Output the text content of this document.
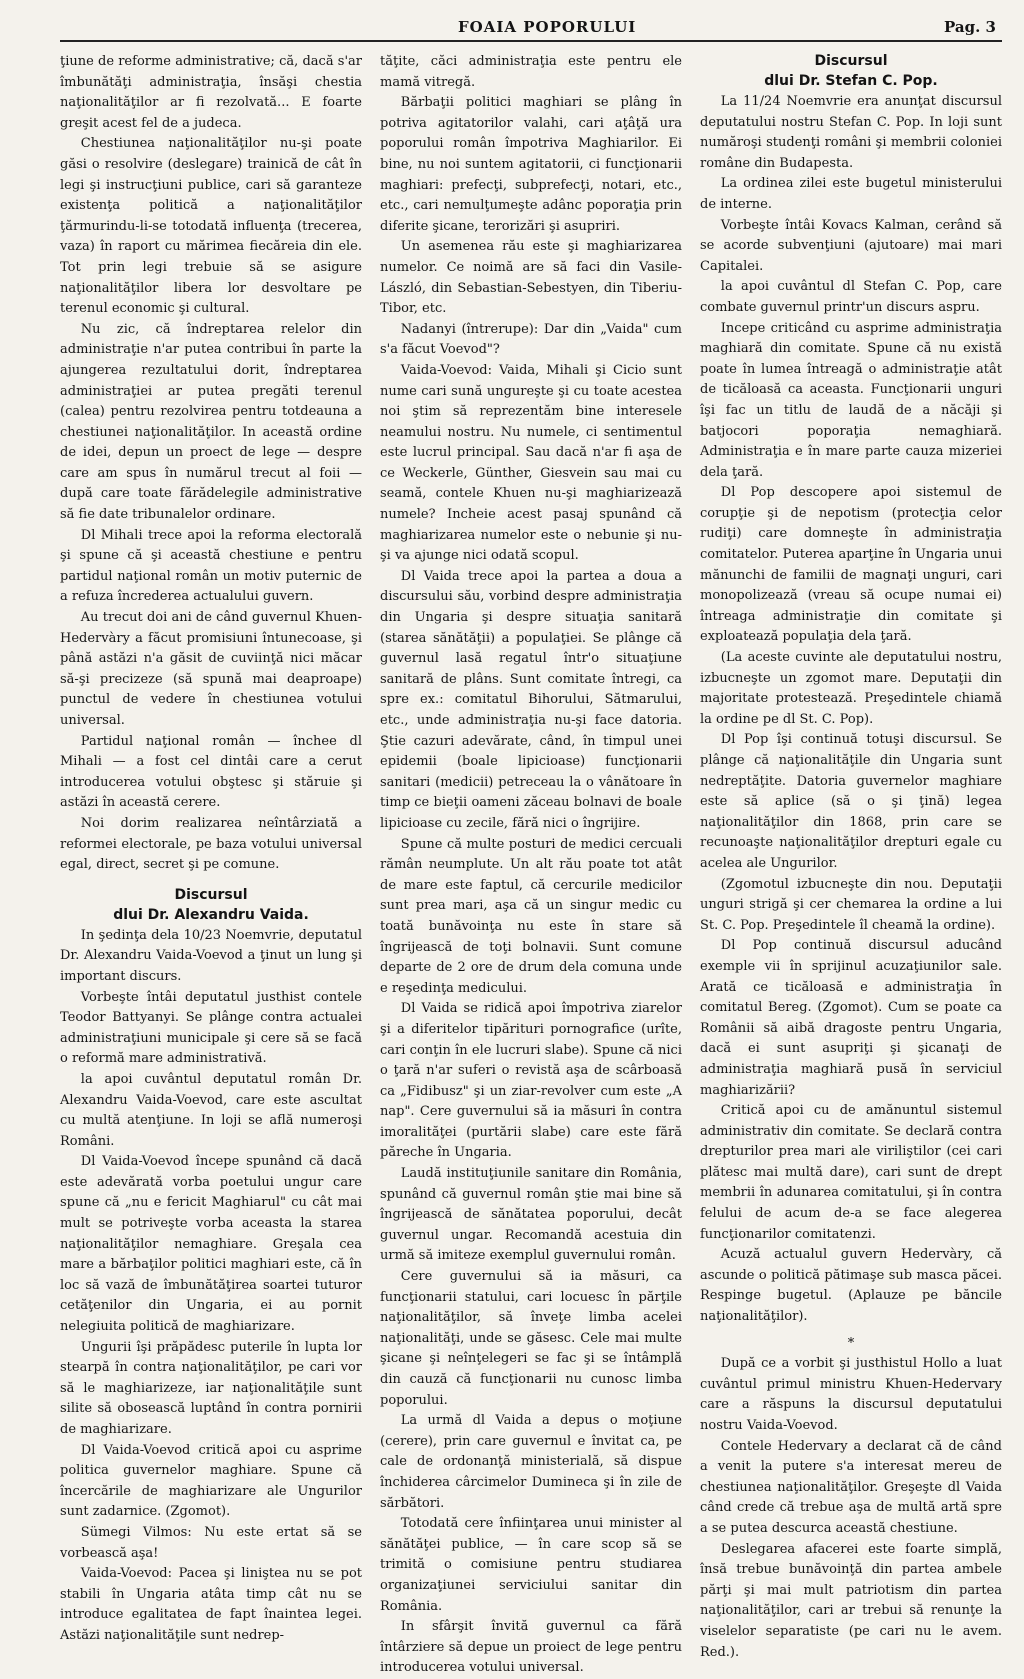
FOAIA POPORULUI	Pag. 3

ţiune de reforme administrative; că, dacă s'ar îmbunătăţi administraţia, însăşi chestia naţionalităţilor ar fi rezolvată... E foarte greşit acest fel de a judeca.

Chestiunea naţionalităţilor nu-şi poate găsi o resolvire (deslegare) trainică de cât în legi şi instrucţiuni publice, cari să garanteze existenţa politică a naţionalităţilor ţărmurindu-li-se totodată influenţa (trecerea, vaza) în raport cu mărimea fiecăreia din ele. Tot prin legi trebuie să se asigure naţionalităţilor libera lor desvoltare pe terenul economic şi cultural.

Nu zic, că îndreptarea relelor din administraţie n'ar putea contribui în parte la ajungerea rezultatului dorit, îndreptarea administraţiei ar putea pregăti terenul (calea) pentru rezolvirea pentru totdeauna a chestiunei naţionalităţilor. In această ordine de idei, depun un proect de lege — despre care am spus în numărul trecut al foii — după care toate fărădelegile administrative să fie date tribunalelor ordinare.

Dl Mihali trece apoi la reforma electorală şi spune că şi această chestiune e pentru partidul naţional român un motiv puternic de a refuza încrederea actualului guvern.

Au trecut doi ani de când guvernul Khuen-Hedervàry a făcut promisiuni întunecoase, şi până astăzi n'a găsit de cuviinţă nici măcar să-şi precizeze (să spună mai deaproape) punctul de vedere în chestiunea votului universal.

Partidul naţional român — închee dl Mihali — a fost cel dintâi care a cerut introducerea votului obştesc şi stăruie şi astăzi în această cerere.

Noi dorim realizarea neîntârziată a reformei electorale, pe baza votului universal egal, direct, secret şi pe comune.

Discursul
dlui Dr. Alexandru Vaida.

In şedinţa dela 10/23 Noemvrie, deputatul Dr. Alexandru Vaida-Voevod a ţinut un lung şi important discurs.

Vorbeşte întâi deputatul justhist contele Teodor Battyanyi. Se plânge contra actualei administraţiuni municipale şi cere să se facă o reformă mare administrativă.

la apoi cuvântul deputatul român Dr. Alexandru Vaida-Voevod, care este ascultat cu multă atenţiune. In loji se află numeroşi Români.

Dl Vaida-Voevod începe spunând că dacă este adevărată vorba poetului ungur care spune că „nu e fericit Maghiarul" cu cât mai mult se potriveşte vorba aceasta la starea naţionalităţilor nemaghiare. Greşala cea mare a bărbaţilor politici maghiari este, că în loc să vază de îmbunătăţirea soartei tuturor cetăţenilor din Ungaria, ei au pornit nelegiuita politică de maghiarizare.

Ungurii îşi prăpădesc puterile în lupta lor stearpă în contra naţionalităţilor, pe cari vor să le maghiarizeze, iar naţionalităţile sunt silite să obosească luptând în contra pornirii de maghiarizare.

Dl Vaida-Voevod critică apoi cu asprime politica guvernelor maghiare. Spune că încercările de maghiarizare ale Ungurilor sunt zadarnice. (Zgomot).

Sümegi Vilmos: Nu este ertat să se vorbească aşa!

Vaida-Voevod: Pacea şi liniştea nu se pot stabili în Ungaria atâta timp cât nu se introduce egalitatea de fapt înaintea legei. Astăzi naţionalităţile sunt nedrep-

tăţite, căci administraţia este pentru ele mamă vitregă.

Bărbaţii politici maghiari se plâng în potriva agitatorilor valahi, cari aţâţă ura poporului român împotriva Maghiarilor. Ei bine, nu noi suntem agitatorii, ci funcţionarii maghiari: prefecţi, subprefecţi, notari, etc., etc., cari nemulţumeşte adânc poporaţia prin diferite şicane, terorizări şi asupriri.

Un asemenea rău este şi maghiarizarea numelor. Ce noimă are să faci din Vasile-László, din Sebastian-Sebestyen, din Tiberiu-Tibor, etc.

Nadanyi (întrerupe): Dar din „Vaida" cum s'a făcut Voevod"?

Vaida-Voevod: Vaida, Mihali şi Cicio sunt nume cari sună ungureşte şi cu toate acestea noi ştim să reprezentăm bine interesele neamului nostru. Nu numele, ci sentimentul este lucrul principal. Sau dacă n'ar fi aşa de ce Weckerle, Günther, Giesvein sau mai cu seamă, contele Khuen nu-şi maghiarizează numele? Incheie acest pasaj spunând că maghiarizarea numelor este o nebunie şi nu-şi va ajunge nici odată scopul.

Dl Vaida trece apoi la partea a doua a discursului său, vorbind despre administraţia din Ungaria şi despre situaţia sanitară (starea sănătăţii) a populaţiei. Se plânge că guvernul lasă regatul într'o situaţiune sanitară de plâns. Sunt comitate întregi, ca spre ex.: comitatul Bihorului, Sătmarului, etc., unde administraţia nu-şi face datoria. Ştie cazuri adevărate, când, în timpul unei epidemii (boale lipicioase) funcţionarii sanitari (medicii) petreceau la o vânătoare în timp ce bieţii oameni zăceau bolnavi de boale lipicioase cu zecile, fără nici o îngrijire.

Spune că multe posturi de medici cercuali rămân neumplute. Un alt rău poate tot atât de mare este faptul, că cercurile medicilor sunt prea mari, aşa că un singur medic cu toată bunăvoinţa nu este în stare să îngrijească de toţi bolnavii. Sunt comune departe de 2 ore de drum dela comuna unde e reşedinţa medicului.

Dl Vaida se ridică apoi împotriva ziarelor şi a diferitelor tipărituri pornografice (urîte, cari conţin în ele lucruri slabe). Spune că nici o ţară n'ar suferi o revistă aşa de scârboasă ca „Fidibusz" şi un ziar-revolver cum este „A nap". Cere guvernului să ia măsuri în contra imoralităţei (purtării slabe) care este fără păreche în Ungaria.

Laudă instituţiunile sanitare din România, spunând că guvernul român ştie mai bine să îngrijească de sănătatea poporului, decât guvernul ungar. Recomandă acestuia din urmă să imiteze exemplul guvernului român.

Cere guvernului să ia măsuri, ca funcţionarii statului, cari locuesc în părţile naţionalităţilor, să înveţe limba acelei naţionalităţi, unde se găsesc. Cele mai multe şicane şi neînţelegeri se fac şi se întâmplă din cauză că funcţionarii nu cunosc limba poporului.

La urmă dl Vaida a depus o moţiune (cerere), prin care guvernul e învitat ca, pe cale de ordonanţă ministerială, să dispue închiderea cârcimelor Dumineca şi în zile de sărbători.

Totodată cere înfiinţarea unui minister al sănătăţei publice, — în care scop să se trimită o comisiune pentru studiarea organizaţiunei serviciului sanitar din România.

In sfârşit învită guvernul ca fără întârziere să depue un proiect de lege pentru introducerea votului universal.

Discursul
dlui Dr. Stefan C. Pop.

La 11/24 Noemvrie era anunţat discursul deputatului nostru Stefan C. Pop. In loji sunt număroşi studenţi români şi membrii coloniei române din Budapesta.

La ordinea zilei este bugetul ministerului de interne.

Vorbeşte întâi Kovacs Kalman, cerând să se acorde subvenţiuni (ajutoare) mai mari Capitalei.

la apoi cuvântul dl Stefan C. Pop, care combate guvernul printr'un discurs aspru.

Incepe criticând cu asprime administraţia maghiară din comitate. Spune că nu există poate în lumea întreagă o administraţie atât de ticăloasă ca aceasta. Funcţionarii unguri îşi fac un titlu de laudă de a năcăji şi batjocori poporaţia nemaghiară. Administraţia e în mare parte cauza mizeriei dela ţară.

Dl Pop descopere apoi sistemul de corupţie şi de nepotism (protecţia celor rudiţi) care domneşte în administraţia comitatelor. Puterea aparţine în Ungaria unui mănunchi de familii de magnaţi unguri, cari monopolizează (vreau să ocupe numai ei) întreaga administraţie din comitate şi exploatează populaţia dela ţară.

(La aceste cuvinte ale deputatului nostru, izbucneşte un zgomot mare. Deputaţii din majoritate protestează. Preşedintele chiamă la ordine pe dl St. C. Pop).

Dl Pop îşi continuă totuşi discursul. Se plânge că naţionalităţile din Ungaria sunt nedreptăţite. Datoria guvernelor maghiare este să aplice (să o şi ţină) legea naţionalităţilor din 1868, prin care se recunoaşte naţionalităţilor drepturi egale cu acelea ale Ungurilor.

(Zgomotul izbucneşte din nou. Deputaţii unguri strigă şi cer chemarea la ordine a lui St. C. Pop. Preşedintele îl cheamă la ordine).

Dl Pop continuă discursul aducând exemple vii în sprijinul acuzaţiunilor sale. Arată ce ticăloasă e administraţia în comitatul Bereg. (Zgomot). Cum se poate ca Românii să aibă dragoste pentru Ungaria, dacă ei sunt asupriţi şi şicanaţi de administraţia maghiară pusă în serviciul maghiarizării?

Critică apoi cu de amănuntul sistemul administrativ din comitate. Se declară contra drepturilor prea mari ale viriliştilor (cei cari plătesc mai multă dare), cari sunt de drept membrii în adunarea comitatului, şi în contra felului de acum de-a se face alegerea funcţionarilor comitatenzi.

Acuză actualul guvern Hedervàry, că ascunde o politică pătimaşe sub masca păcei. Respinge bugetul. (Aplauze pe băncile naţionalităţilor).

*

După ce a vorbit şi justhistul Hollo a luat cuvântul primul ministru Khuen-Hedervary care a răspuns la discursul deputatului nostru Vaida-Voevod.

Contele Hedervary a declarat că de când a venit la putere s'a interesat mereu de chestiunea naţionalităţilor. Greşeşte dl Vaida când crede că trebue aşa de multă artă spre a se putea descurca această chestiune.

Deslegarea afacerei este foarte simplă, însă trebue bunăvoinţă din partea ambele părţi şi mai mult patriotism din partea naţionalităţilor, cari ar trebui să renunţe la viselelor separatiste (pe cari nu le avem. Red.).
